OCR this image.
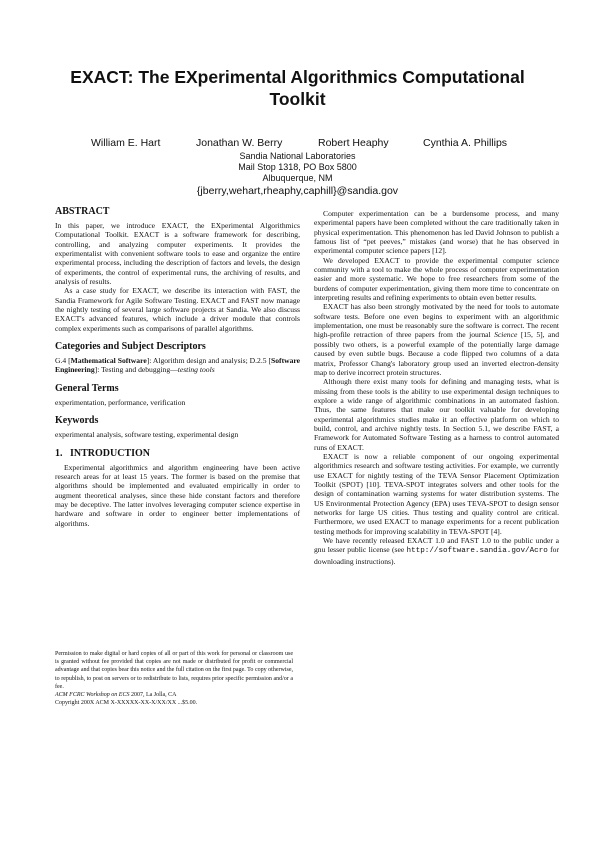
EXACT: The EXperimental Algorithmics Computational Toolkit
William E. Hart	Jonathan W. Berry	Robert Heaphy	Cynthia A. Phillips
Sandia National Laboratories
Mail Stop 1318, PO Box 5800
Albuquerque, NM
{jberry,wehart,rheaphy,caphill}@sandia.gov
ABSTRACT

In this paper, we introduce EXACT, the EXperimental Algorithmics Computational Toolkit. EXACT is a software framework for describing, controlling, and analyzing computer experiments. It provides the experimentalist with convenient software tools to ease and organize the entire experimental process, including the description of factors and levels, the design of experiments, the control of experimental runs, the archiving of results, and analysis of results.

As a case study for EXACT, we describe its interaction with FAST, the Sandia Framework for Agile Software Testing. EXACT and FAST now manage the nightly testing of several large software projects at Sandia. We also discuss EXACT's advanced features, which include a driver module that controls complex experiments such as comparisons of parallel algorithms.

Categories and Subject Descriptors

G.4 [Mathematical Software]: Algorithm design and analysis; D.2.5 [Software Engineering]: Testing and debugging—testing tools

General Terms

experimentation, performance, verification

Keywords

experimental analysis, software testing, experimental design

1.   INTRODUCTION

Experimental algorithmics and algorithm engineering have been active research areas for at least 15 years. The former is based on the premise that algorithms should be implemented and evaluated empirically in order to augment theoretical analyses, since these hide constant factors and therefore may be deceptive. The latter involves leveraging computer science expertise in hardware and software in order to engineer better implementations of algorithms.

Permission to make digital or hard copies of all or part of this work for personal or classroom use is granted without fee provided that copies are not made or distributed for profit or commercial advantage and that copies bear this notice and the full citation on the first page. To copy otherwise, to republish, to post on servers or to redistribute to lists, requires prior specific permission and/or a fee.

ACM FCRC Workshop on ECS 2007, La Jolla, CA

Copyright 200X ACM X-XXXXX-XX-X/XX/XX ...$5.00.

Computer experimentation can be a burdensome process, and many experimental papers have been completed without the care traditionally taken in physical experimentation. This phenomenon has led David Johnson to publish a famous list of “pet peeves,” mistakes (and worse) that he has observed in experimental computer science papers [12].

We developed EXACT to provide the experimental computer science community with a tool to make the whole process of computer experimentation easier and more systematic. We hope to free researchers from some of the burdens of computer experimentation, giving them more time to concentrate on interpreting results and refining experiments to obtain even better results.

EXACT has also been strongly motivated by the need for tools to automate software tests. Before one even begins to experiment with an algorithmic implementation, one must be reasonably sure the software is correct. The recent high-profile retraction of three papers from the journal Science [15, 5], and possibly two others, is a powerful example of the potentially large damage caused by even subtle bugs. Because a code flipped two columns of a data matrix, Professor Chang's laboratory group used an inverted electron-density map to derive incorrect protein structures.

Although there exist many tools for defining and managing tests, what is missing from these tools is the ability to use experimental design techniques to explore a wide range of algorithmic combinations in an automated fashion. Thus, the same features that make our toolkit valuable for developing experimental algorithmics studies make it an effective platform on which to build, control, and archive nightly tests. In Section 5.1, we describe FAST, a Framework for Automated Software Testing as a harness to control automated runs of EXACT.

EXACT is now a reliable component of our ongoing experimental algorithmics research and software testing activities. For example, we currently use EXACT for nightly testing of the TEVA Sensor Placement Optimization Toolkit (SPOT) [10]. TEVA-SPOT integrates solvers and other tools for the design of contamination warning systems for water distribution systems. The US Environmental Protection Agency (EPA) uses TEVA-SPOT to design sensor networks for large US cities. Thus testing and quality control are critical. Furthermore, we used EXACT to manage experiments for a recent publication testing methods for improving scalability in TEVA-SPOT [4].

We have recently released EXACT 1.0 and FAST 1.0 to the public under a gnu lesser public license (see http://software.sandia.gov/Acro for downloading instructions).
